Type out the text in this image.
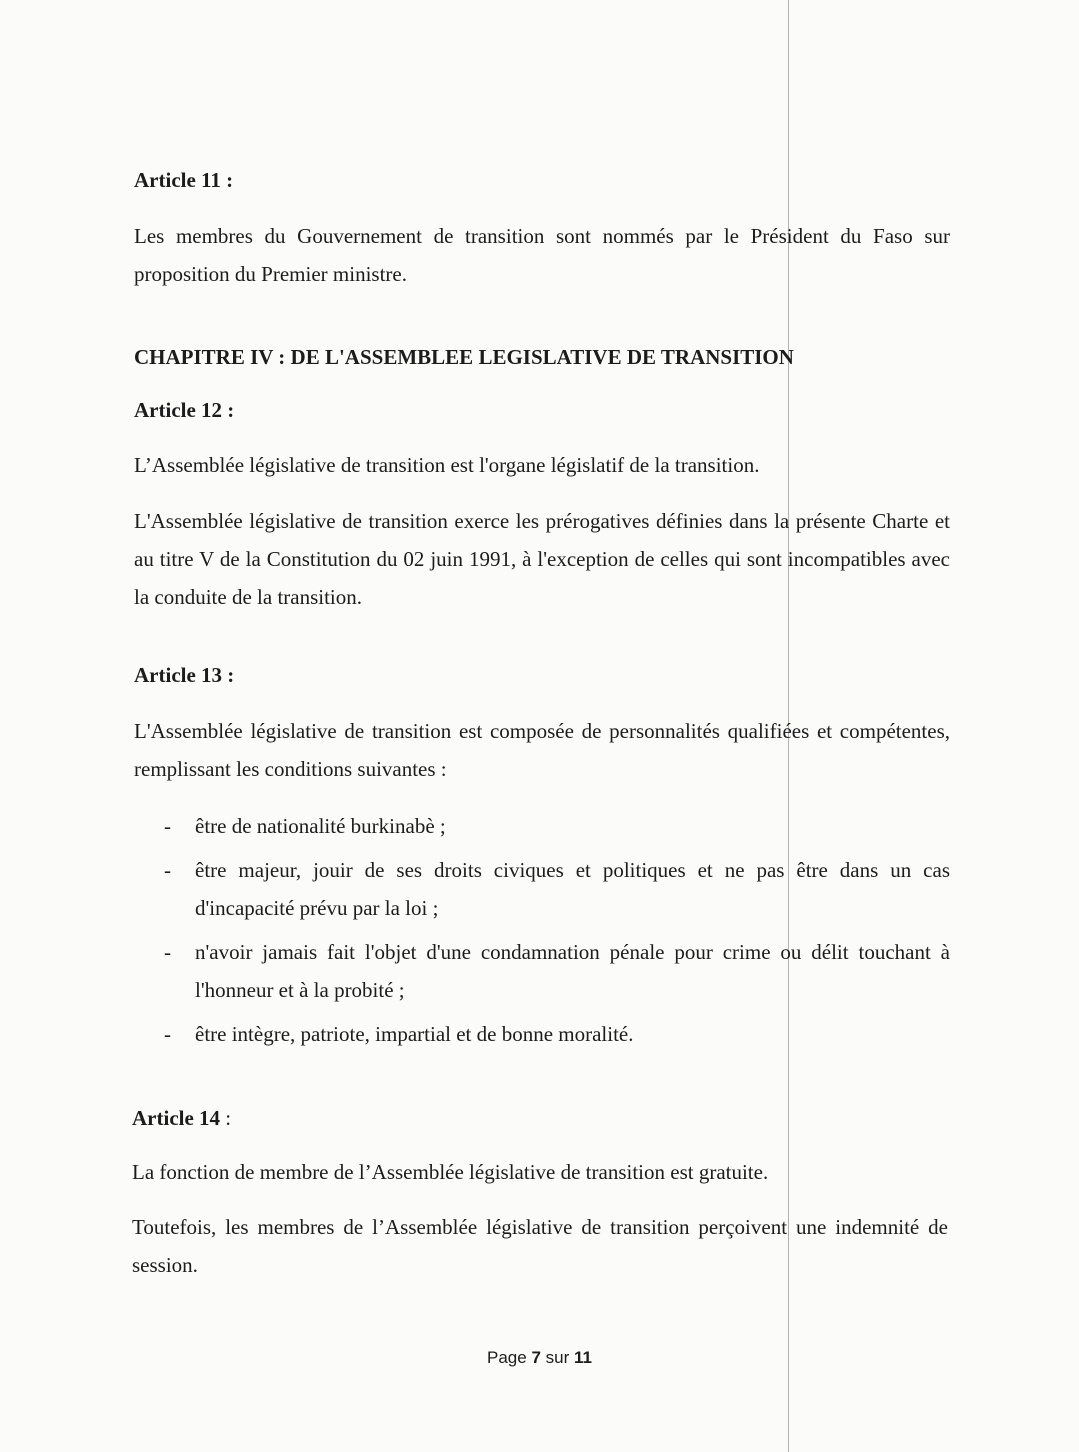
Article 11 :

Les membres du Gouvernement de transition sont nommés par le Président du Faso sur proposition du Premier ministre.

CHAPITRE IV : DE L'ASSEMBLEE LEGISLATIVE DE TRANSITION

Article 12 :

L’Assemblée législative de transition est l'organe législatif de la transition.

L'Assemblée législative de transition exerce les prérogatives définies dans la présente Charte et au titre V de la Constitution du 02 juin 1991, à l'exception de celles qui sont incompatibles avec la conduite de la transition.

Article 13 :

L'Assemblée législative de transition est composée de personnalités qualifiées et compétentes, remplissant les conditions suivantes :

- être de nationalité burkinabè ;
- être majeur, jouir de ses droits civiques et politiques et ne pas être dans un cas d'incapacité prévu par la loi ;
- n'avoir jamais fait l'objet d'une condamnation pénale pour crime ou délit touchant à l'honneur et à la probité ;
- être intègre, patriote, impartial et de bonne moralité.

Article 14 :

La fonction de membre de l’Assemblée législative de transition est gratuite.

Toutefois, les membres de l’Assemblée législative de transition perçoivent une indemnité de session.

Page 7 sur 11
